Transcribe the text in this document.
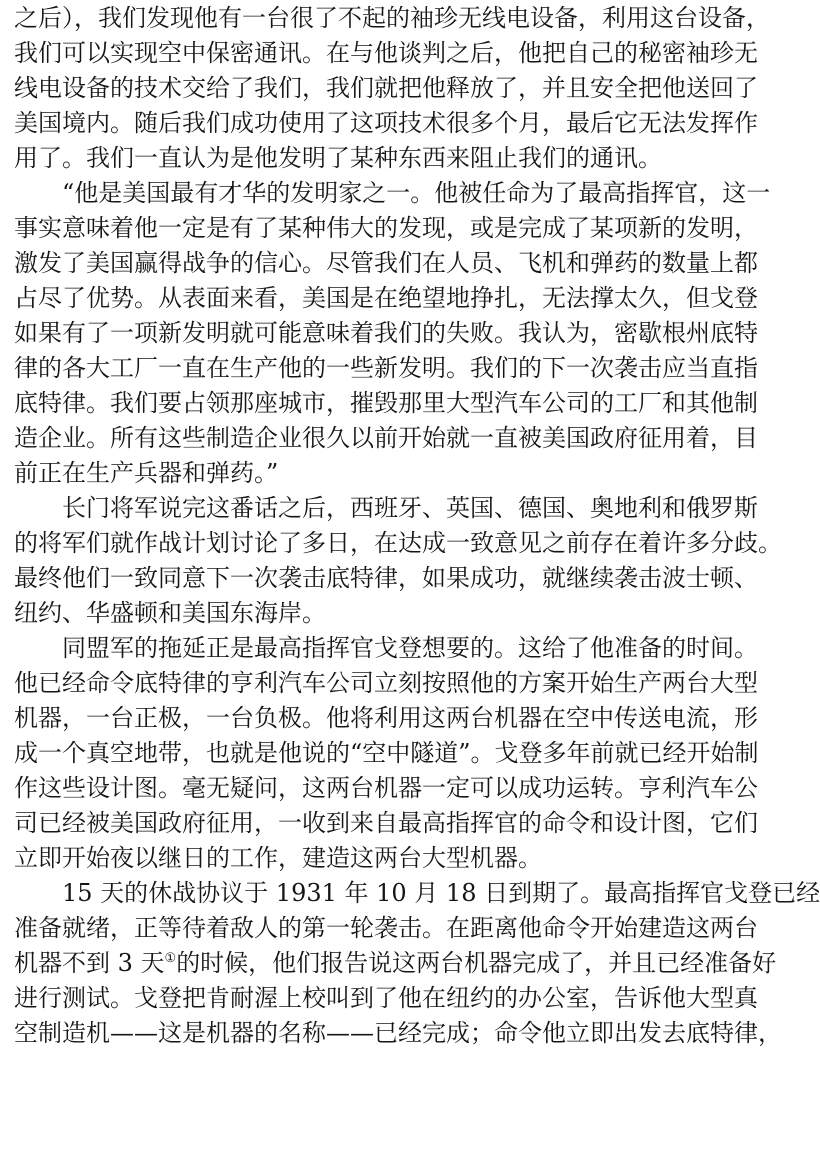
之后），我们发现他有一台很了不起的袖珍无线电设备，利用这台设备，
我们可以实现空中保密通讯。在与他谈判之后，他把自己的秘密袖珍无
线电设备的技术交给了我们，我们就把他释放了，并且安全把他送回了
美国境内。随后我们成功使用了这项技术很多个月，最后它无法发挥作
用了。我们一直认为是他发明了某种东西来阻止我们的通讯。
“他是美国最有才华的发明家之一。他被任命为了最高指挥官，这一
事实意味着他一定是有了某种伟大的发现，或是完成了某项新的发明，
激发了美国赢得战争的信心。尽管我们在人员、飞机和弹药的数量上都
占尽了优势。从表面来看，美国是在绝望地挣扎，无法撑太久，但戈登
如果有了一项新发明就可能意味着我们的失败。我认为，密歇根州底特
律的各大工厂一直在生产他的一些新发明。我们的下一次袭击应当直指
底特律。我们要占领那座城市，摧毁那里大型汽车公司的工厂和其他制
造企业。所有这些制造企业很久以前开始就一直被美国政府征用着，目
前正在生产兵器和弹药。”
长门将军说完这番话之后，西班牙、英国、德国、奥地利和俄罗斯
的将军们就作战计划讨论了多日，在达成一致意见之前存在着许多分歧。
最终他们一致同意下一次袭击底特律，如果成功，就继续袭击波士顿、
纽约、华盛顿和美国东海岸。
同盟军的拖延正是最高指挥官戈登想要的。这给了他准备的时间。
他已经命令底特律的亨利汽车公司立刻按照他的方案开始生产两台大型
机器，一台正极，一台负极。他将利用这两台机器在空中传送电流，形
成一个真空地带，也就是他说的“空中隧道”。戈登多年前就已经开始制
作这些设计图。毫无疑问，这两台机器一定可以成功运转。亨利汽车公
司已经被美国政府征用，一收到来自最高指挥官的命令和设计图，它们
立即开始夜以继日的工作，建造这两台大型机器。
15 天的休战协议于 1931 年 10 月 18 日到期了。最高指挥官戈登已经
准备就绪，正等待着敌人的第一轮袭击。在距离他命令开始建造这两台
机器不到 3 天①的时候，他们报告说这两台机器完成了，并且已经准备好
进行测试。戈登把肯耐渥上校叫到了他在纽约的办公室，告诉他大型真
空制造机——这是机器的名称——已经完成；命令他立即出发去底特律，
